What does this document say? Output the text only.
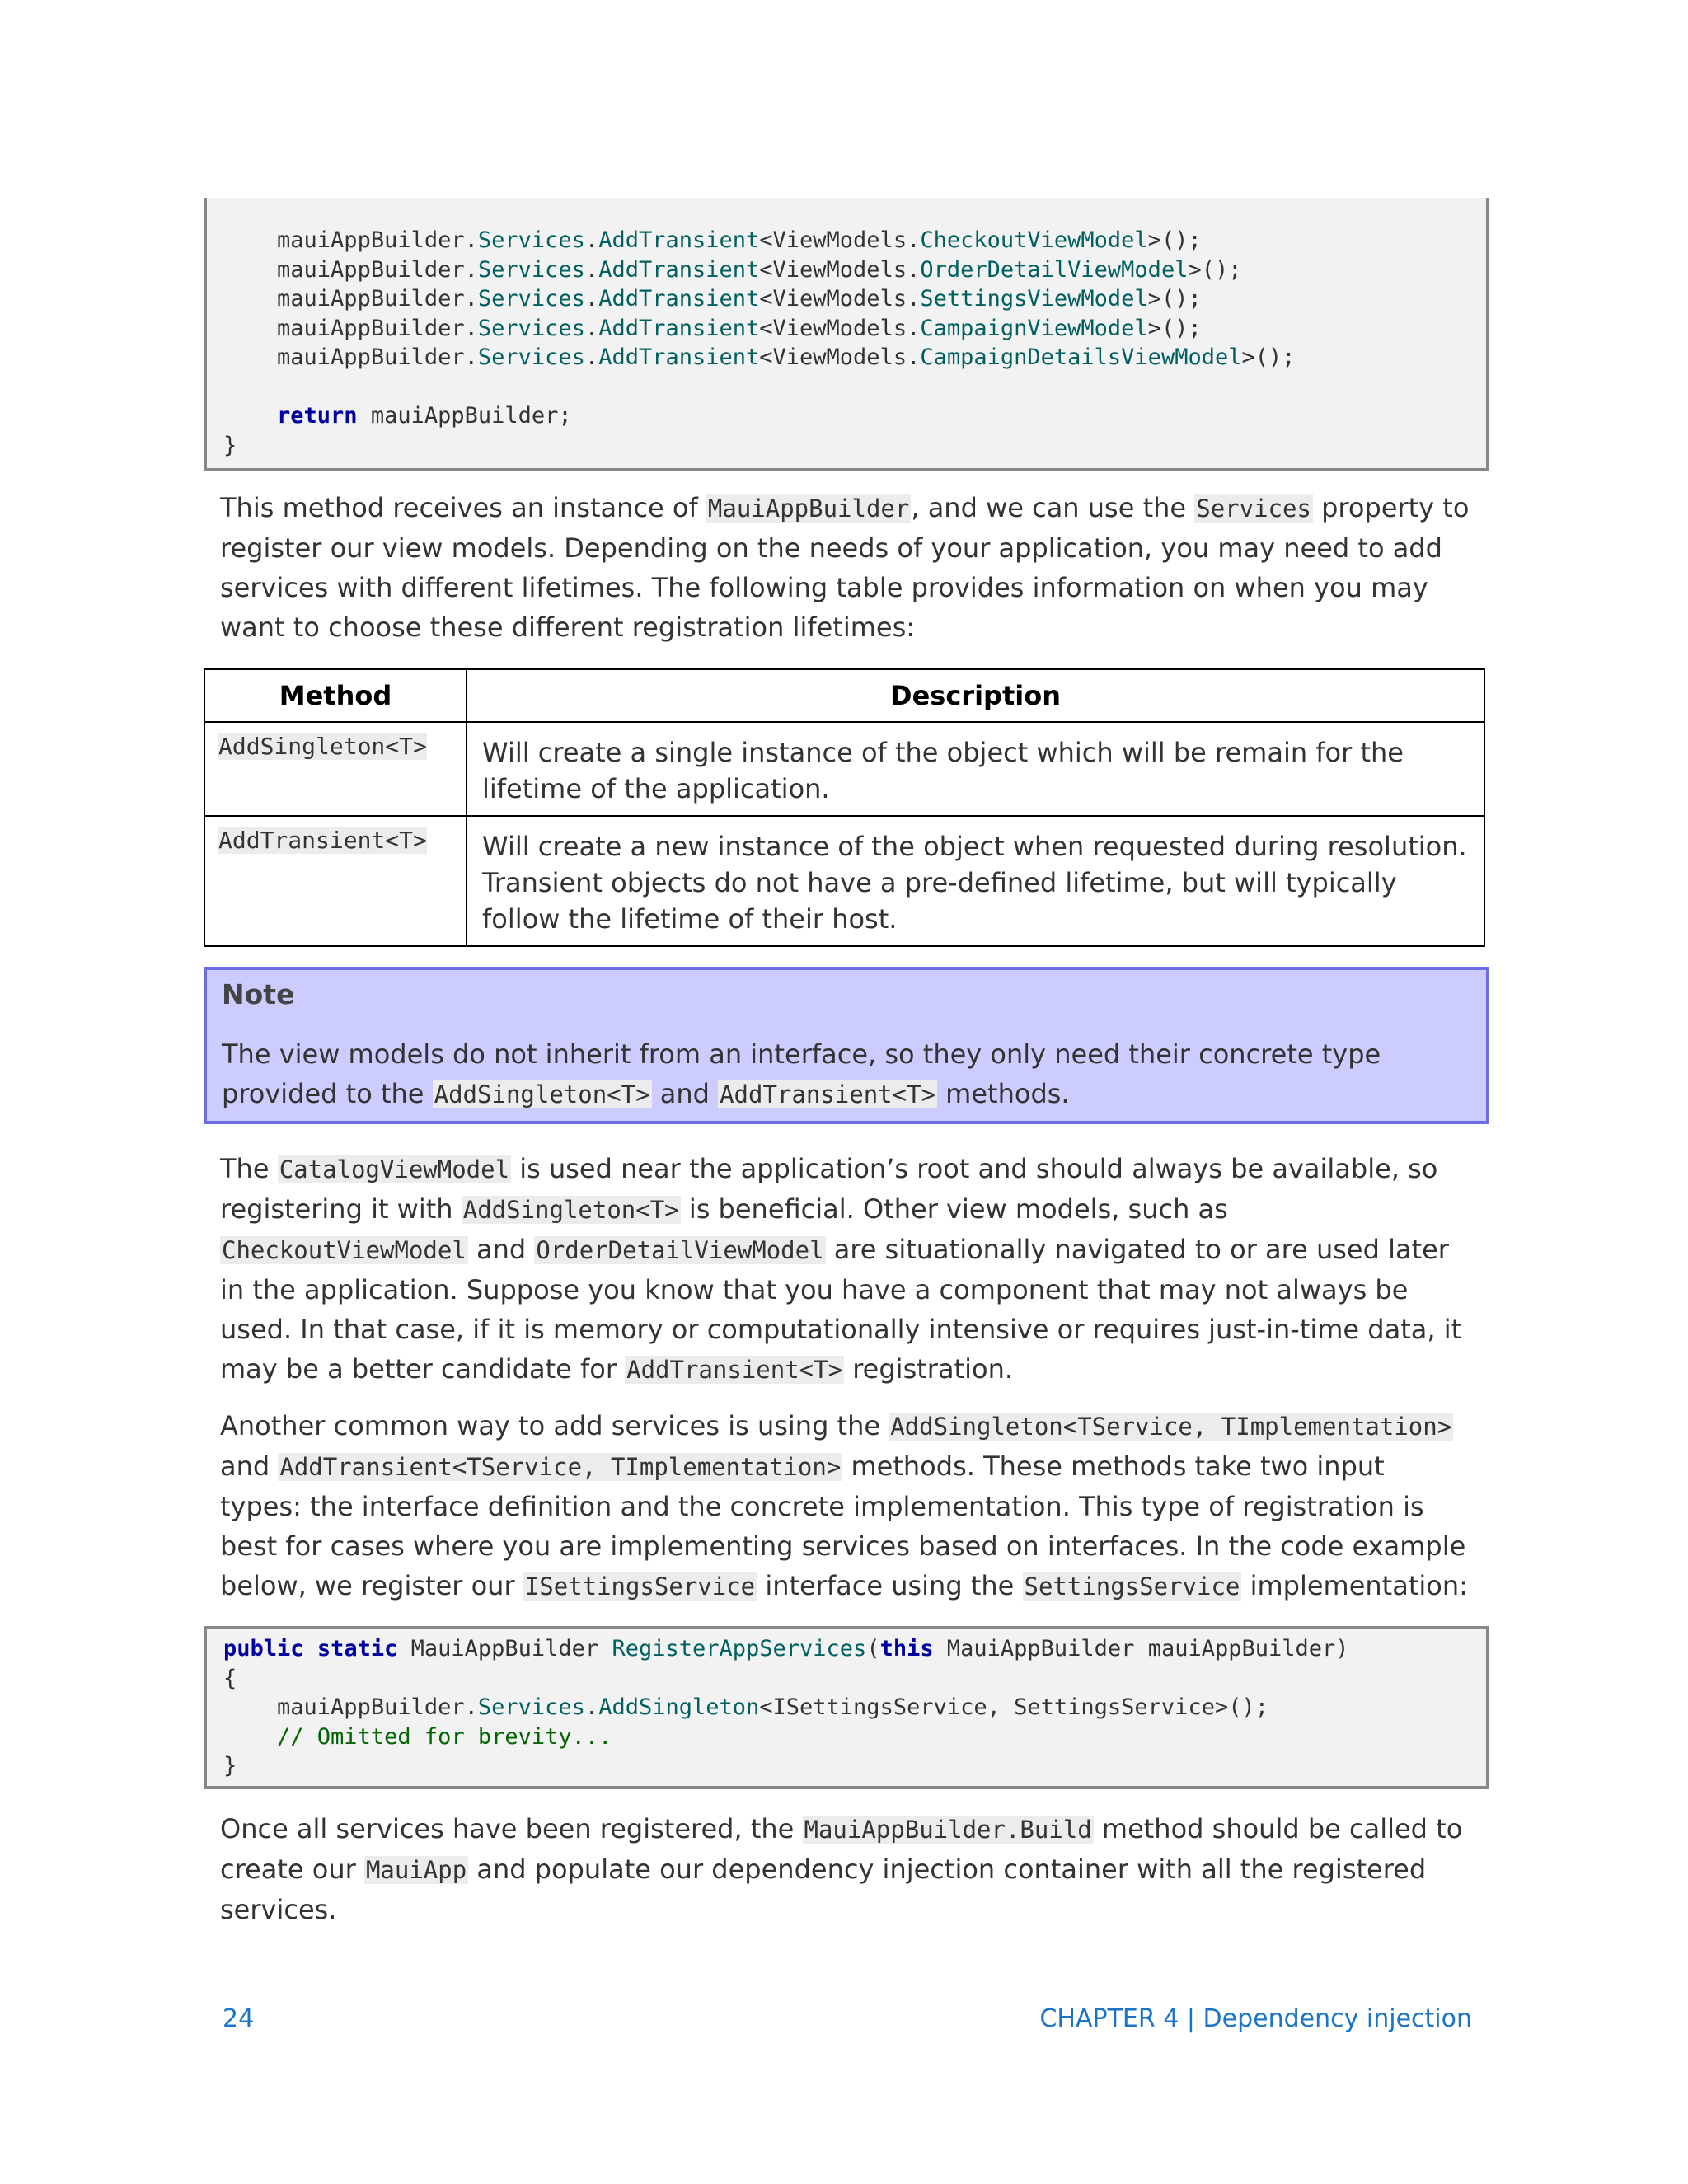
mauiAppBuilder.Services.AddTransient<ViewModels.CheckoutViewModel>();
mauiAppBuilder.Services.AddTransient<ViewModels.OrderDetailViewModel>();
mauiAppBuilder.Services.AddTransient<ViewModels.SettingsViewModel>();
mauiAppBuilder.Services.AddTransient<ViewModels.CampaignViewModel>();
mauiAppBuilder.Services.AddTransient<ViewModels.CampaignDetailsViewModel>();
return mauiAppBuilder;
}

This method receives an instance of MauiAppBuilder, and we can use the Services property to register our view models. Depending on the needs of your application, you may need to add services with different lifetimes. The following table provides information on when you may want to choose these different registration lifetimes:

Method	Description
AddSingleton<T>	Will create a single instance of the object which will be remain for the lifetime of the application.
AddTransient<T>	Will create a new instance of the object when requested during resolution. Transient objects do not have a pre-defined lifetime, but will typically follow the lifetime of their host.
Note
The view models do not inherit from an interface, so they only need their concrete type provided to the AddSingleton<T> and AddTransient<T> methods.

The CatalogViewModel is used near the application’s root and should always be available, so registering it with AddSingleton<T> is beneficial. Other view models, such as CheckoutViewModel and OrderDetailViewModel are situationally navigated to or are used later in the application. Suppose you know that you have a component that may not always be used. In that case, if it is memory or computationally intensive or requires just-in-time data, it may be a better candidate for AddTransient<T> registration.

Another common way to add services is using the AddSingleton<TService, TImplementation> and AddTransient<TService, TImplementation> methods. These methods take two input types: the interface definition and the concrete implementation. This type of registration is best for cases where you are implementing services based on interfaces. In the code example below, we register our ISettingsService interface using the SettingsService implementation:

public static MauiAppBuilder RegisterAppServices(this MauiAppBuilder mauiAppBuilder)
{
mauiAppBuilder.Services.AddSingleton<ISettingsService, SettingsService>();
// Omitted for brevity...
}

Once all services have been registered, the MauiAppBuilder.Build method should be called to create our MauiApp and populate our dependency injection container with all the registered services.

24	CHAPTER 4 | Dependency injection
